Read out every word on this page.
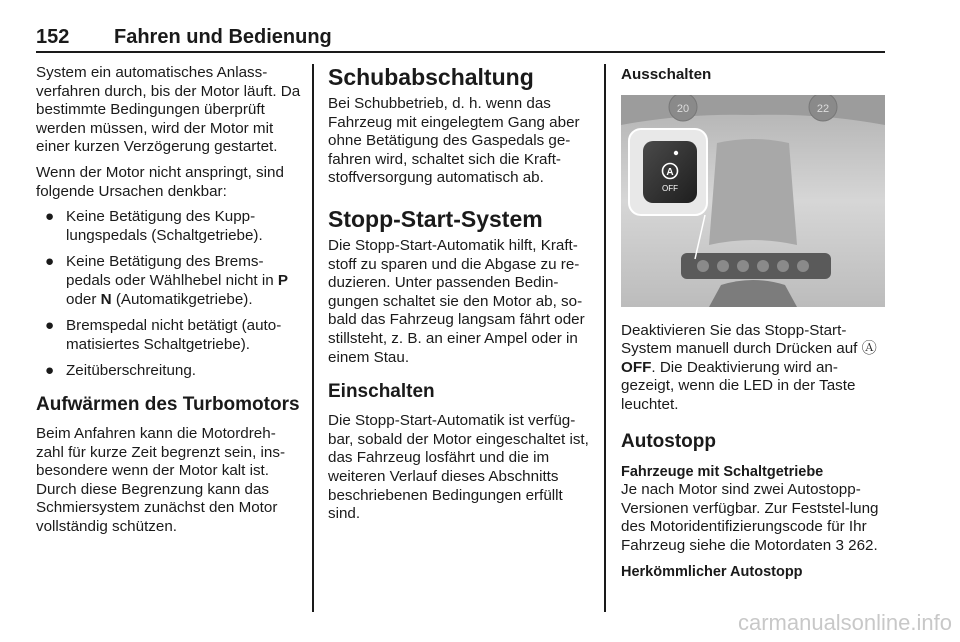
152 Fahren und Bedienung

System ein automatisches Anlass-verfahren durch, bis der Motor läuft. Da bestimmte Bedingungen überprüft werden müssen, wird der Motor mit einer kurzen Verzögerung gestartet.

Wenn der Motor nicht anspringt, sind folgende Ursachen denkbar:

● Keine Betätigung des Kupp-lungspedals (Schaltgetriebe).
● Keine Betätigung des Brems-pedals oder Wählhebel nicht in P oder N (Automatikgetriebe).
● Bremspedal nicht betätigt (auto-matisiertes Schaltgetriebe).
● Zeitüberschreitung.
Aufwärmen des Turbomotors

Beim Anfahren kann die Motordreh-zahl für kurze Zeit begrenzt sein, ins-besondere wenn der Motor kalt ist. Durch diese Begrenzung kann das Schmiersystem zunächst den Motor vollständig schützen.

Schubabschaltung

Bei Schubbetrieb, d. h. wenn das Fahrzeug mit eingelegtem Gang aber ohne Betätigung des Gaspedals ge-fahren wird, schaltet sich die Kraft-stoffversorgung automatisch ab.

Stopp-Start-System

Die Stopp-Start-Automatik hilft, Kraft-stoff zu sparen und die Abgase zu re-duzieren. Unter passenden Bedin-gungen schaltet sie den Motor ab, so-bald das Fahrzeug langsam fährt oder stillsteht, z. B. an einer Ampel oder in einem Stau.

Einschalten

Die Stopp-Start-Automatik ist verfüg-bar, sobald der Motor eingeschaltet ist, das Fahrzeug losfährt und die im weiteren Verlauf dieses Abschnitts beschriebenen Bedingungen erfüllt sind.

Ausschalten
20	22
A
OFF

Deaktivieren Sie das Stopp-Start-System manuell durch Drücken auf Ⓐ OFF. Die Deaktivierung wird an-gezeigt, wenn die LED in der Taste leuchtet.

Autostopp
Fahrzeuge mit Schaltgetriebe

Je nach Motor sind zwei Autostopp-Versionen verfügbar. Zur Feststel-lung des Motoridentifizierungscode für Ihr Fahrzeug siehe die Motordaten 3 262.

Herkömmlicher Autostopp
carmanualsonline.info
